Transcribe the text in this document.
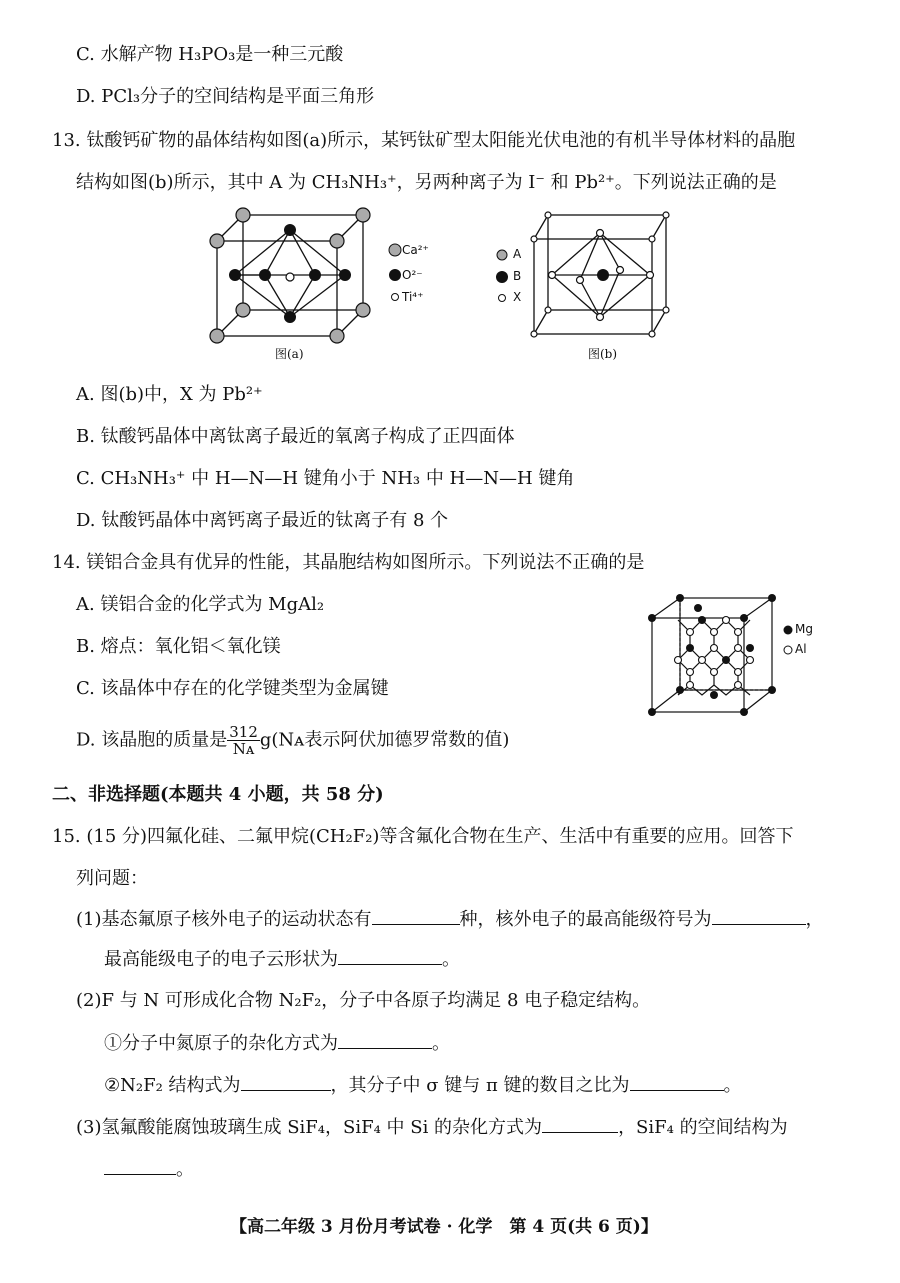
C. 水解产物 H₃PO₃是一种三元酸
D. PCl₃分子的空间结构是平面三角形
13. 钛酸钙矿物的晶体结构如图(a)所示，某钙钛矿型太阳能光伏电池的有机半导体材料的晶胞
结构如图(b)所示，其中 A 为 CH₃NH₃⁺，另两种离子为 I⁻ 和 Pb²⁺。下列说法正确的是
Ca²⁺
O²⁻
Ti⁴⁺
图(a)
A
B
X
图(b)
A. 图(b)中，X 为 Pb²⁺
B. 钛酸钙晶体中离钛离子最近的氧离子构成了正四面体
C. CH₃NH₃⁺ 中 H—N—H 键角小于 NH₃ 中 H—N—H 键角
D. 钛酸钙晶体中离钙离子最近的钛离子有 8 个
14. 镁铝合金具有优异的性能，其晶胞结构如图所示。下列说法不正确的是
A. 镁铝合金的化学式为 MgAl₂
B. 熔点：氧化铝＜氧化镁
C. 该晶体中存在的化学键类型为金属键
D. 该晶胞的质量是 $\frac{312}{\text{Nᴀ}}$ g(Nᴀ表示阿伏加德罗常数的值)
Mg
Al
二、非选择题(本题共 4 小题，共 58 分)
15. (15 分)四氟化硅、二氟甲烷(CH₂F₂)等含氟化合物在生产、生活中有重要的应用。回答下
列问题：
(1)基态氟原子核外电子的运动状态有	种，核外电子的最高能级符号为	，
最高能级电子的电子云形状为	。
(2)F 与 N 可形成化合物 N₂F₂，分子中各原子均满足 8 电子稳定结构。
①分子中氮原子的杂化方式为	。
②N₂F₂ 结构式为	，其分子中 σ 键与 π 键的数目之比为	。
(3)氢氟酸能腐蚀玻璃生成 SiF₄，SiF₄ 中 Si 的杂化方式为	，SiF₄ 的空间结构为
。
【高二年级 3 月份月考试卷 · 化学　第 4 页(共 6 页)】
